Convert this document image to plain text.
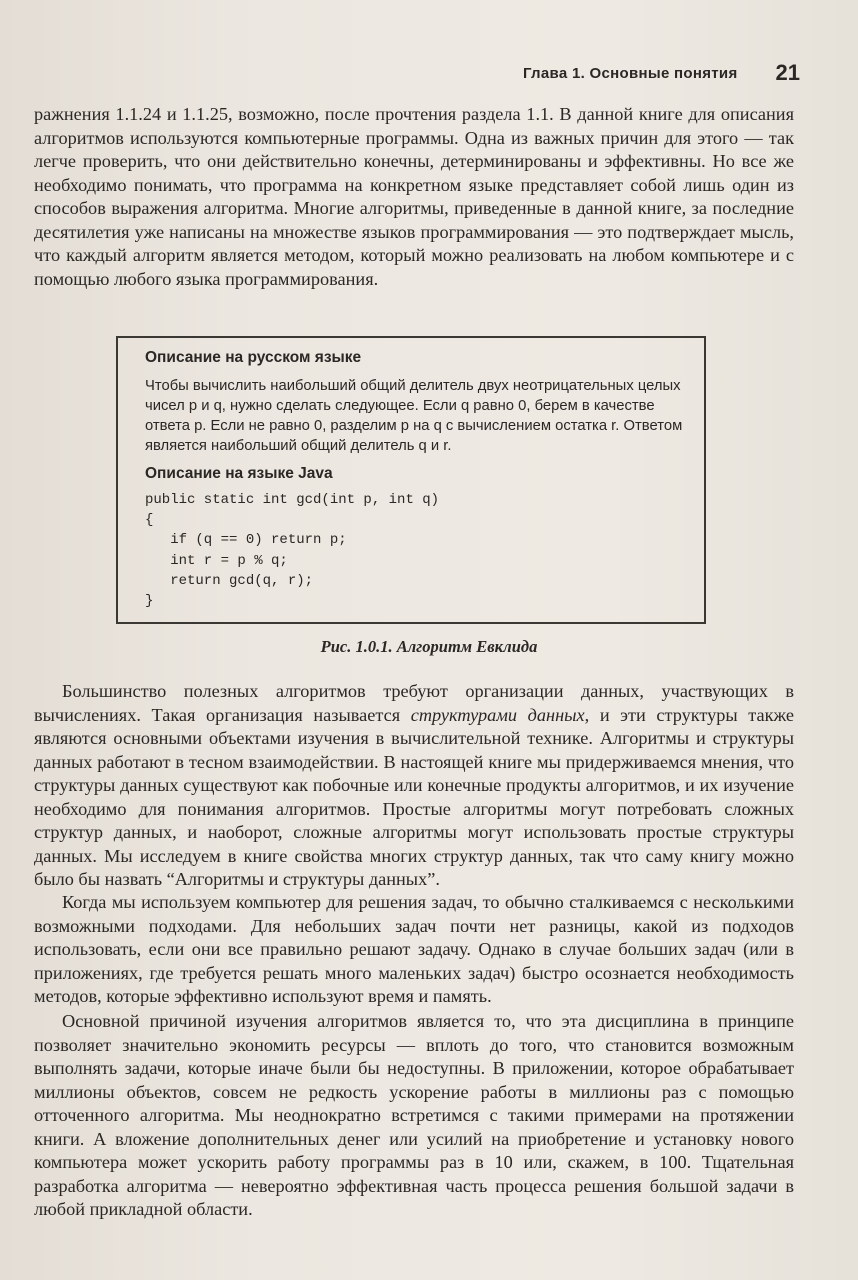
Глава 1. Основные понятия 21

ражнения 1.1.24 и 1.1.25, возможно, после прочтения раздела 1.1. В данной книге для описания алгоритмов используются компьютерные программы. Одна из важных причин для этого — так легче проверить, что они действительно конечны, детерминированы и эффективны. Но все же необходимо понимать, что программа на конкретном языке представляет собой лишь один из способов выражения алгоритма. Многие алгоритмы, приведенные в данной книге, за последние десятилетия уже написаны на множестве языков программирования — это подтверждает мысль, что каждый алгоритм является методом, который можно реализовать на любом компьютере и с помощью любого языка программирования.

Описание на русском языке

Чтобы вычислить наибольший общий делитель двух неотрицательных целых чисел p и q, нужно сделать следующее. Если q равно 0, берем в качестве ответа p. Если не равно 0, разделим p на q с вычислением остатка r. Ответом является наибольший общий делитель q и r.

Описание на языке Java
public static int gcd(int p, int q)
{
if (q == 0) return p;
int r = p % q;
return gcd(q, r);
}
Рис. 1.0.1. Алгоритм Евклида

Большинство полезных алгоритмов требуют организации данных, участвующих в вычислениях. Такая организация называется структурами данных, и эти структуры также являются основными объектами изучения в вычислительной технике. Алгоритмы и структуры данных работают в тесном взаимодействии. В настоящей книге мы придерживаемся мнения, что структуры данных существуют как побочные или конечные продукты алгоритмов, и их изучение необходимо для понимания алгоритмов. Простые алгоритмы могут потребовать сложных структур данных, и наоборот, сложные алгоритмы могут использовать простые структуры данных. Мы исследуем в книге свойства многих структур данных, так что саму книгу можно было бы назвать “Алгоритмы и структуры данных”.

Когда мы используем компьютер для решения задач, то обычно сталкиваемся с несколькими возможными подходами. Для небольших задач почти нет разницы, какой из подходов использовать, если они все правильно решают задачу. Однако в случае больших задач (или в приложениях, где требуется решать много маленьких задач) быстро осознается необходимость методов, которые эффективно используют время и память.

Основной причиной изучения алгоритмов является то, что эта дисциплина в принципе позволяет значительно экономить ресурсы — вплоть до того, что становится возможным выполнять задачи, которые иначе были бы недоступны. В приложении, которое обрабатывает миллионы объектов, совсем не редкость ускорение работы в миллионы раз с помощью отточенного алгоритма. Мы неоднократно встретимся с такими примерами на протяжении книги. А вложение дополнительных денег или усилий на приобретение и установку нового компьютера может ускорить работу программы раз в 10 или, скажем, в 100. Тщательная разработка алгоритма — невероятно эффективная часть процесса решения большой задачи в любой прикладной области.
